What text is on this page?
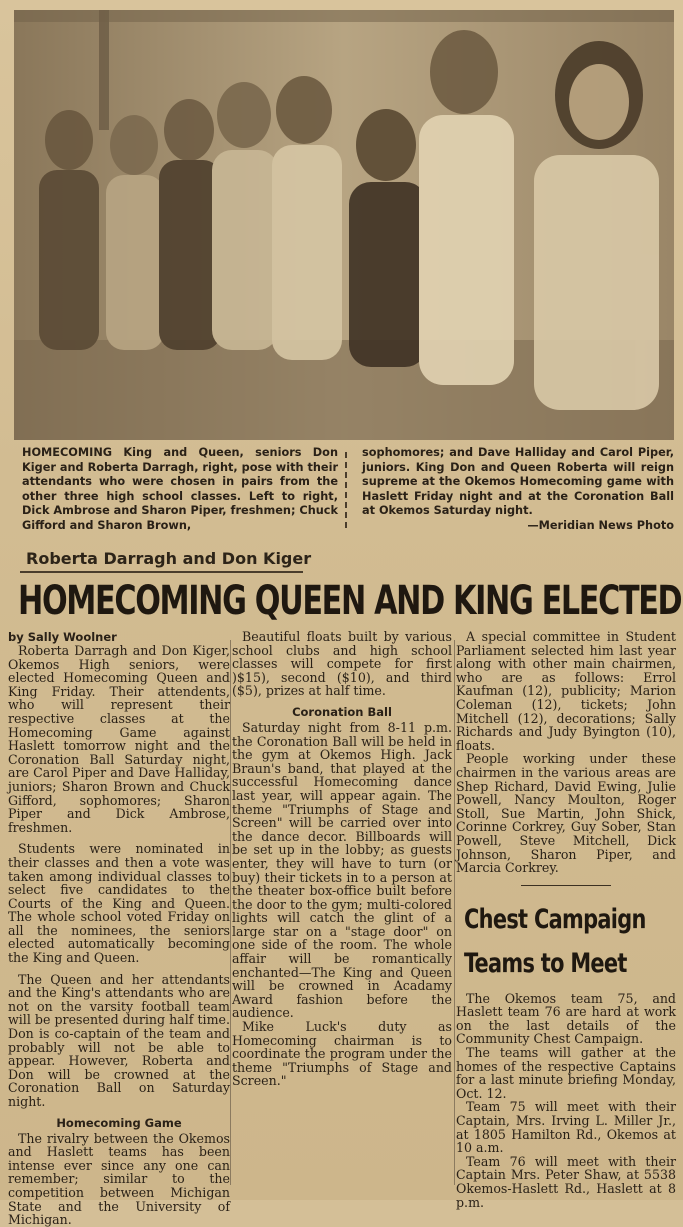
HOMECOMING King and Queen, seniors Don Kiger and Roberta Darragh, right, pose with their attendants who were chosen in pairs from the other three high school classes. Left to right, Dick Ambrose and Sharon Piper, freshmen; Chuck Gifford and Sharon Brown,
sophomores; and Dave Halliday and Carol Piper, juniors. King Don and Queen Roberta will reign supreme at the Okemos Homecoming game with Haslett Friday night and at the Coronation Ball at Okemos Saturday night.
—Meridian News Photo
Roberta Darragh and Don Kiger
HOMECOMING QUEEN AND KING ELECTED

by Sally Woolner

Roberta Darragh and Don Kiger, Okemos High seniors, were elected Homecoming Queen and King Friday. Their attendents, who will represent their respective classes at the Homecoming Game against Haslett tomorrow night and the Coronation Ball Saturday night, are Carol Piper and Dave Halliday, juniors; Sharon Brown and Chuck Gifford, sophomores; Sharon Piper and Dick Ambrose, freshmen.

Students were nominated in their classes and then a vote was taken among individual classes to select five candidates to the Courts of the King and Queen. The whole school voted Friday on all the nominees, the seniors elected automatically becoming the King and Queen.

The Queen and her attendants and the King's attendants who are not on the varsity football team will be presented during half time. Don is co-captain of the team and probably will not be able to appear. However, Roberta and Don will be crowned at the Coronation Ball on Saturday night.

Homecoming Game

The rivalry between the Okemos and Haslett teams has been intense ever since any one can remember; similar to the competition between Michigan State and the University of Michigan.

Beautiful floats built by various school clubs and high school classes will compete for first )$15), second ($10), and third ($5), prizes at half time.

Coronation Ball

Saturday night from 8-11 p.m. the Coronation Ball will be held in the gym at Okemos High. Jack Braun's band, that played at the successful Homecoming dance last year, will appear again. The theme "Triumphs of Stage and Screen" will be carried over into the dance decor. Billboards will be set up in the lobby; as guests enter, they will have to turn (or buy) their tickets in to a person at the theater box-office built before the door to the gym; multi-colored lights will catch the glint of a large star on a "stage door" on one side of the room. The whole affair will be romantically enchanted—The King and Queen will be crowned in Acadamy Award fashion before the audience.

Mike Luck's duty as Homecoming chairman is to coordinate the program under the theme "Triumphs of Stage and Screen."

A special committee in Student Parliament selected him last year along with other main chairmen, who are as follows: Errol Kaufman (12), publicity; Marion Coleman (12), tickets; John Mitchell (12), decorations; Sally Richards and Judy Byington (10), floats.

People working under these chairmen in the various areas are Shep Richard, David Ewing, Julie Powell, Nancy Moulton, Roger Stoll, Sue Martin, John Shick, Corinne Corkrey, Guy Sober, Stan Powell, Steve Mitchell, Dick Johnson, Sharon Piper, and Marcia Corkrey.

Chest Campaign
Teams to Meet

The Okemos team 75, and Haslett team 76 are hard at work on the last details of the Community Chest Campaign.

The teams will gather at the homes of the respective Captains for a last minute briefing Monday, Oct. 12.

Team 75 will meet with their Captain, Mrs. Irving L. Miller Jr., at 1805 Hamilton Rd., Okemos at 10 a.m.

Team 76 will meet with their Captain Mrs. Peter Shaw, at 5538 Okemos-Haslett Rd., Haslett at 8 p.m.
